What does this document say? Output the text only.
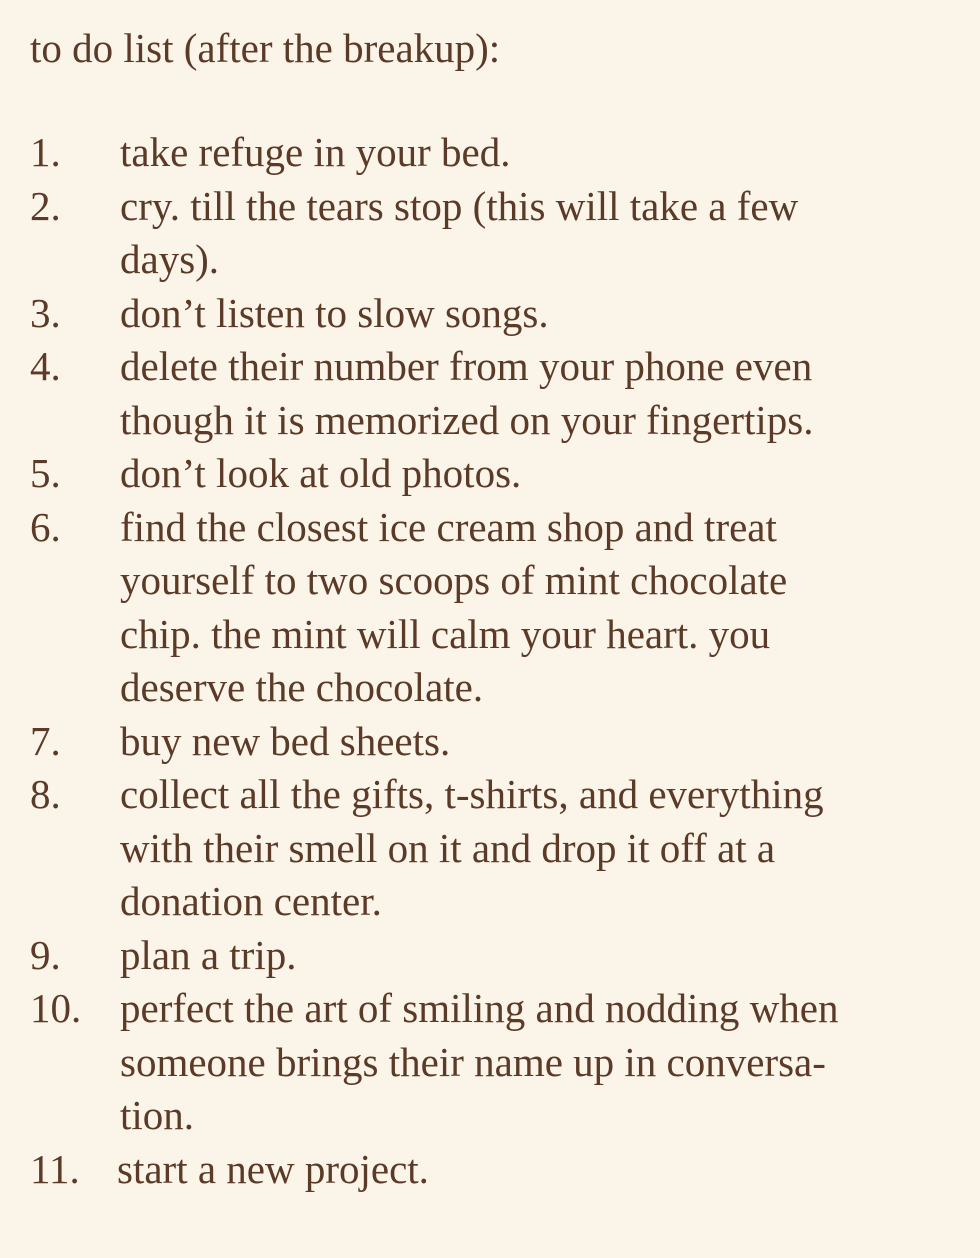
to do list (after the breakup):
1.	take refuge in your bed.
2.	cry. till the tears stop (this will take a few
days).
3.	don’t listen to slow songs.
4.	delete their number from your phone even
though it is memorized on your fingertips.
5.	don’t look at old photos.
6.	find the closest ice cream shop and treat
yourself to two scoops of mint chocolate
chip. the mint will calm your heart. you
deserve the chocolate.
7.	buy new bed sheets.
8.	collect all the gifts, t-shirts, and everything
with their smell on it and drop it off at a
donation center.
9.	plan a trip.
10. perfect the art of smiling and nodding when
someone brings their name up in conversa-
tion.
11. start a new project.
